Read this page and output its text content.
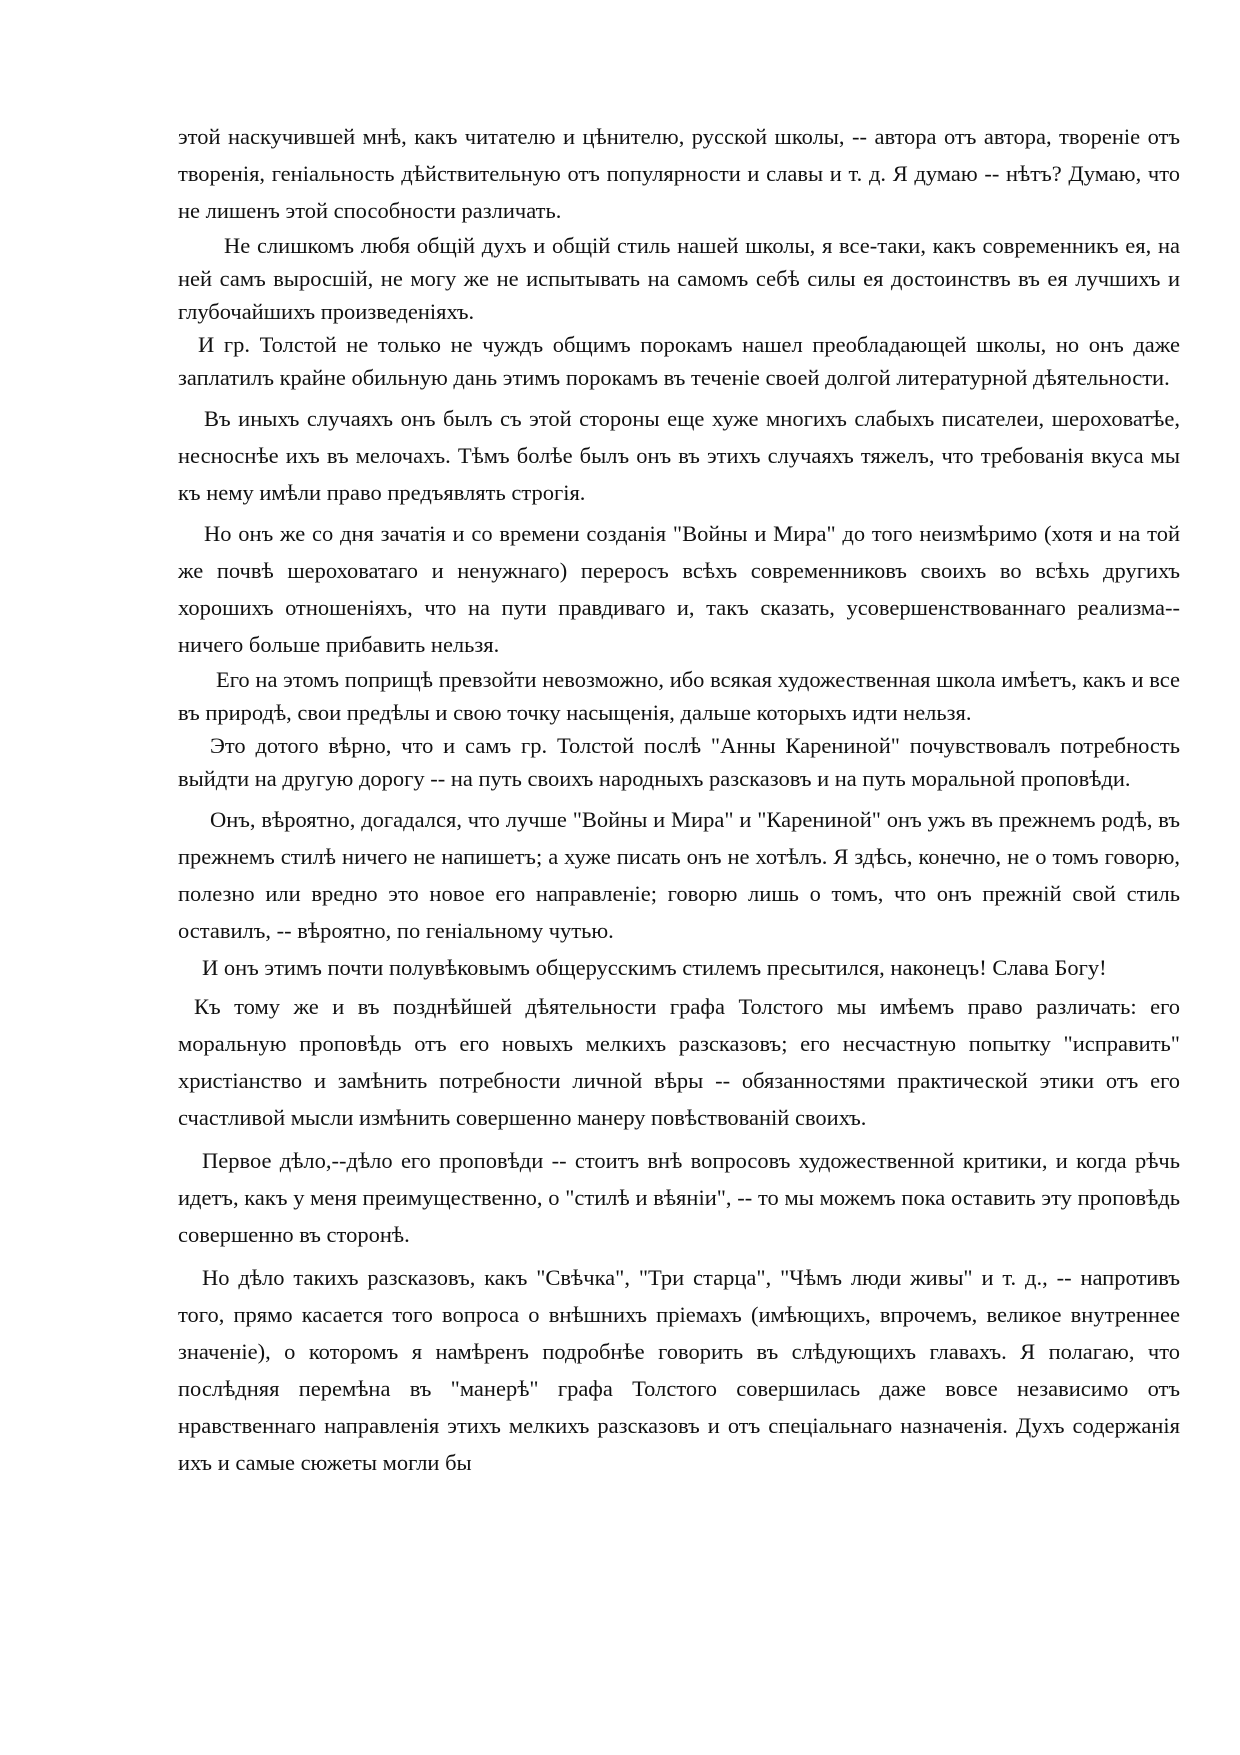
этой наскучившей мнѣ, какъ читателю и цѣнителю, русской школы, -- автора отъ автора, твореніе отъ творенія, геніальность дѣйствительную отъ популярности и славы и т. д. Я думаю -- нѣтъ? Думаю, что не лишенъ этой способности различать.

Не слишкомъ любя общій духъ и общій стиль нашей школы, я все-таки, какъ современникъ ея, на ней самъ выросшій, не могу же не испытывать на самомъ себѣ силы ея достоинствъ въ ея лучшихъ и глубочайшихъ произведеніяхъ.

И гр. Толстой не только не чуждъ общимъ порокамъ нашел преобладающей школы, но онъ даже заплатилъ крайне обильную дань этимъ порокамъ въ теченіе своей долгой литературной дѣятельности.

Въ иныхъ случаяхъ онъ былъ съ этой стороны еще хуже многихъ слабыхъ писателеи, шероховатѣе, несноснѣе ихъ въ мелочахъ. Тѣмъ болѣе былъ онъ въ этихъ случаяхъ тяжелъ, что требованія вкуса мы къ нему имѣли право предъявлять строгія.

Но онъ же со дня зачатія и со времени созданія "Войны и Мира" до того неизмѣримо (хотя и на той же почвѣ шероховатаго и ненужнаго) переросъ всѣхъ современниковъ своихъ во всѣхь другихъ хорошихъ отношеніяхъ, что на пути правдиваго и, такъ сказать, усовершенствованнаго реализма-- ничего больше прибавить нельзя.

Его на этомъ поприщѣ превзойти невозможно, ибо всякая художественная школа имѣетъ, какъ и все въ природѣ, свои предѣлы и свою точку насыщенія, дальше которыхъ идти нельзя.

Это дотого вѣрно, что и самъ гр. Толстой послѣ "Анны Карениной" почувствовалъ потребность выйдти на другую дорогу -- на путь своихъ народныхъ разсказовъ и на путь моральной проповѣди.

Онъ, вѣроятно, догадался, что лучше "Войны и Мира" и "Карениной" онъ ужъ въ прежнемъ родѣ, въ прежнемъ стилѣ ничего не напишетъ; а хуже писать онъ не хотѣлъ. Я здѣсь, конечно, не о томъ говорю, полезно или вредно это новое его направленіе; говорю лишь о томъ, что онъ прежній свой стиль оставилъ, -- вѣроятно, по геніальному чутью.

И онъ этимъ почти полувѣковымъ общерусскимъ стилемъ пресытился, наконецъ! Слава Богу!

Къ тому же и въ позднѣйшей дѣятельности графа Толстого мы имѣемъ право различать: его моральную проповѣдь отъ его новыхъ мелкихъ разсказовъ; его несчастную попытку "исправить" христіанство и замѣнить потребности личной вѣры -- обязанностями практической этики отъ его счастливой мысли измѣнить совершенно манеру повѣствованій своихъ.

Первое дѣло,--дѣло его проповѣди -- стоитъ внѣ вопросовъ художественной критики, и когда рѣчь идетъ, какъ у меня преимущественно, о "стилѣ и вѣяніи", -- то мы можемъ пока оставить эту проповѣдь совершенно въ сторонѣ.

Но дѣло такихъ разсказовъ, какъ "Свѣчка", "Три старца", "Чѣмъ люди живы" и т. д., -- напротивъ того, прямо касается того вопроса о внѣшнихъ пріемахъ (имѣющихъ, впрочемъ, великое внутреннее значеніе), о которомъ я намѣренъ подробнѣе говорить въ слѣдующихъ главахъ. Я полагаю, что послѣдняя перемѣна въ "манерѣ" графа Толстого совершилась даже вовсе независимо отъ нравственнаго направленія этихъ мелкихъ разсказовъ и отъ спеціальнаго назначенія. Духъ содержанія ихъ и самые сюжеты могли бы
